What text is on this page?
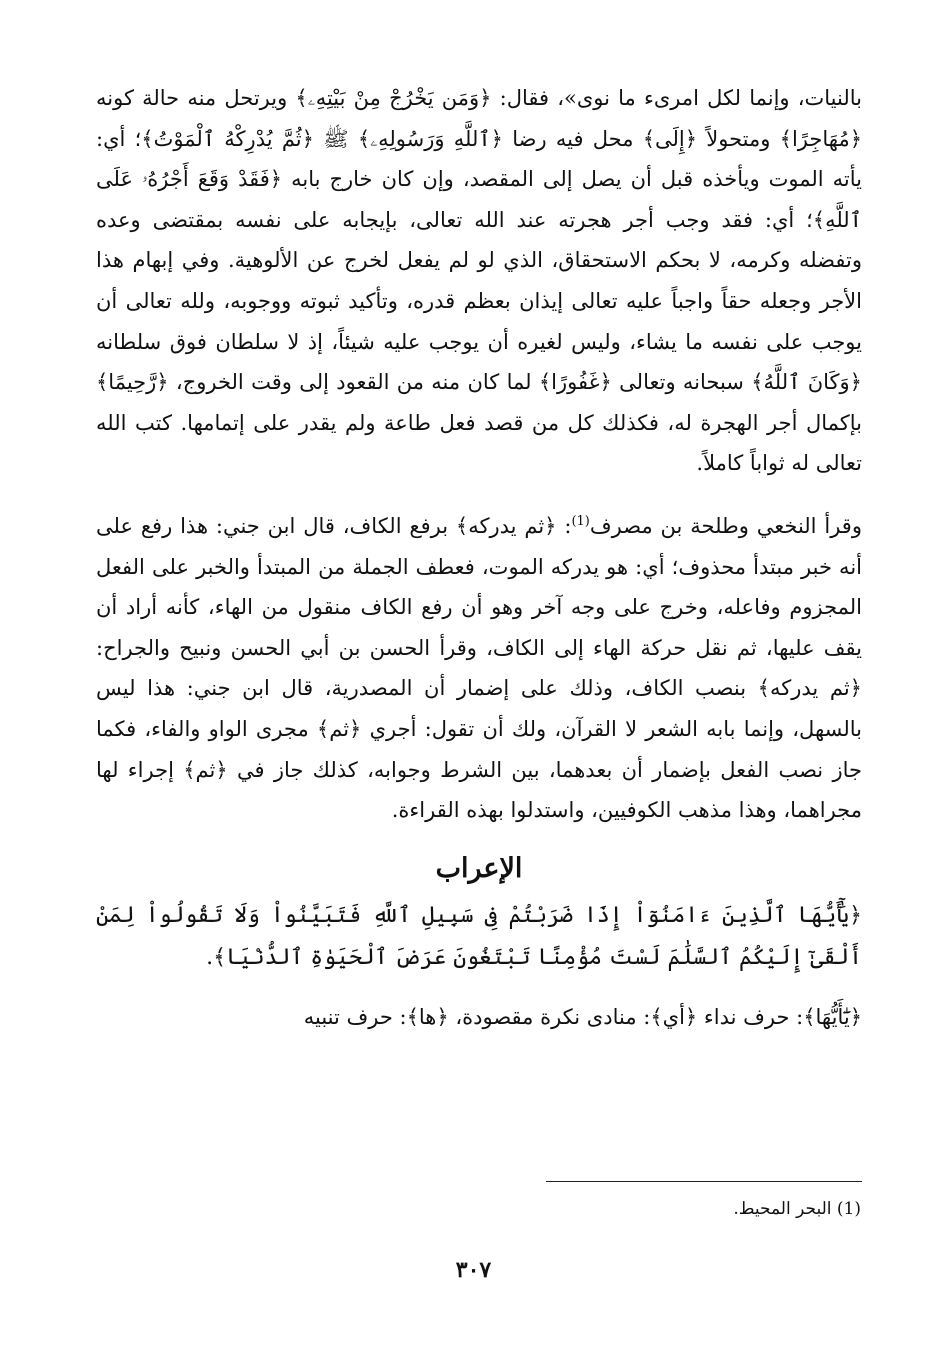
بالنيات، وإنما لكل امرىء ما نوى»، فقال: ﴿وَمَن يَخْرُجْ مِنْ بَيْتِهِۦ﴾ ويرتحل منه حالة كونه ﴿مُهَاجِرًا﴾ ومتحولاً ﴿إِلَى﴾ محل فيه رضا ﴿ٱللَّهِ وَرَسُولِهِۦ﴾ ﷺ ﴿ثُمَّ يُدْرِكْهُ ٱلْمَوْتُ﴾؛ أي: يأته الموت ويأخذه قبل أن يصل إلى المقصد، وإن كان خارج بابه ﴿فَقَدْ وَقَعَ أَجْرُهُۥ عَلَى ٱللَّهِ﴾؛ أي: فقد وجب أجر هجرته عند الله تعالى، بإيجابه على نفسه بمقتضى وعده وتفضله وكرمه، لا بحكم الاستحقاق، الذي لو لم يفعل لخرج عن الألوهية. وفي إبهام هذا الأجر وجعله حقاً واجباً عليه تعالى إيذان بعظم قدره، وتأكيد ثبوته ووجوبه، ولله تعالى أن يوجب على نفسه ما يشاء، وليس لغيره أن يوجب عليه شيئاً، إذ لا سلطان فوق سلطانه ﴿وَكَانَ ٱللَّهُ﴾ سبحانه وتعالى ﴿غَفُورًا﴾ لما كان منه من القعود إلى وقت الخروج، ﴿رَّحِيمًا﴾ بإكمال أجر الهجرة له، فكذلك كل من قصد فعل طاعة ولم يقدر على إتمامها. كتب الله تعالى له ثواباً كاملاً.

وقرأ النخعي وطلحة بن مصرف$^{(1)}$: ﴿ثم يدركه﴾ برفع الكاف، قال ابن جني: هذا رفع على أنه خبر مبتدأ محذوف؛ أي: هو يدركه الموت، فعطف الجملة من المبتدأ والخبر على الفعل المجزوم وفاعله، وخرج على وجه آخر وهو أن رفع الكاف منقول من الهاء، كأنه أراد أن يقف عليها، ثم نقل حركة الهاء إلى الكاف، وقرأ الحسن بن أبي الحسن ونبيح والجراح: ﴿ثم يدركه﴾ بنصب الكاف، وذلك على إضمار أن المصدرية، قال ابن جني: هذا ليس بالسهل، وإنما بابه الشعر لا القرآن، ولك أن تقول: أجري ﴿ثم﴾ مجرى الواو والفاء، فكما جاز نصب الفعل بإضمار أن بعدهما، بين الشرط وجوابه، كذلك جاز في ﴿ثم﴾ إجراء لها مجراهما، وهذا مذهب الكوفيين، واستدلوا بهذه القراءة.

الإعراب

﴿يَٰٓأَيُّهَا ٱلَّذِينَ ءَامَنُوٓاْ إِذَا ضَرَبْتُمْ فِى سَبِيلِ ٱللَّهِ فَتَبَيَّنُواْ وَلَا تَقُولُواْ لِمَنْ أَلْقَىٰٓ إِلَيْكُمُ ٱلسَّلَٰمَ لَسْتَ مُؤْمِنًا تَبْتَغُونَ عَرَضَ ٱلْحَيَوٰةِ ٱلدُّنْيَا﴾.

﴿يَٰٓأَيُّهَا﴾: حرف نداء ﴿أي﴾: منادى نكرة مقصودة، ﴿ها﴾: حرف تنبيه

(1) البحر المحيط.
٣٠٧
